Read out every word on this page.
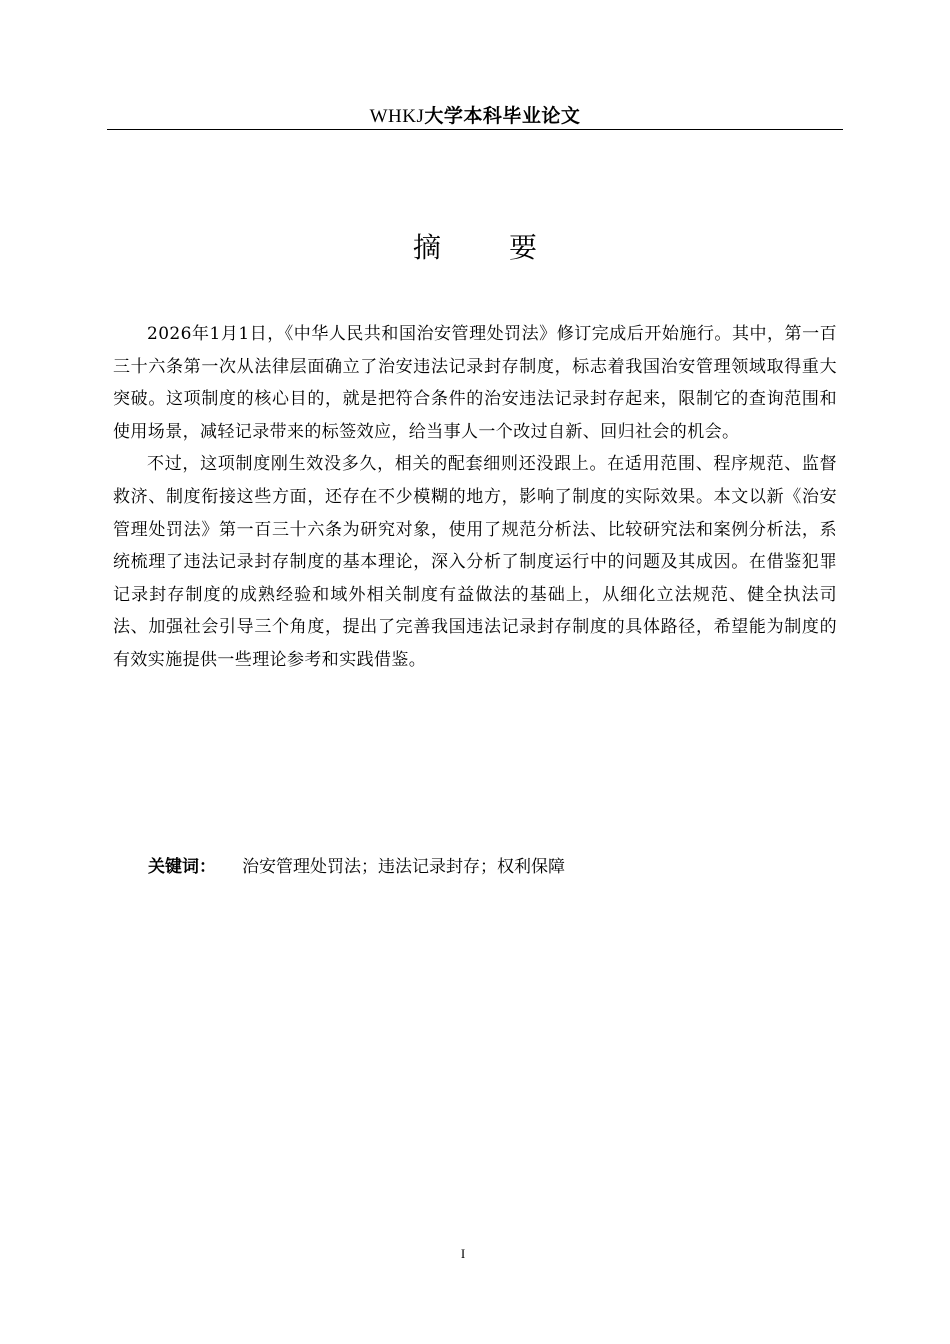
WHKJ大学本科毕业论文
摘要

2026年1月1日，《中华人民共和国治安管理处罚法》修订完成后开始施行。其中，第一百三十六条第一次从法律层面确立了治安违法记录封存制度，标志着我国治安管理领域取得重大突破。这项制度的核心目的，就是把符合条件的治安违法记录封存起来，限制它的查询范围和使用场景，减轻记录带来的标签效应，给当事人一个改过自新、回归社会的机会。

不过，这项制度刚生效没多久，相关的配套细则还没跟上。在适用范围、程序规范、监督救济、制度衔接这些方面，还存在不少模糊的地方，影响了制度的实际效果。本文以新《治安管理处罚法》第一百三十六条为研究对象，使用了规范分析法、比较研究法和案例分析法，系统梳理了违法记录封存制度的基本理论，深入分析了制度运行中的问题及其成因。在借鉴犯罪记录封存制度的成熟经验和域外相关制度有益做法的基础上，从细化立法规范、健全执法司法、加强社会引导三个角度，提出了完善我国违法记录封存制度的具体路径，希望能为制度的有效实施提供一些理论参考和实践借鉴。

关键词： 治安管理处罚法；违法记录封存；权利保障
I
